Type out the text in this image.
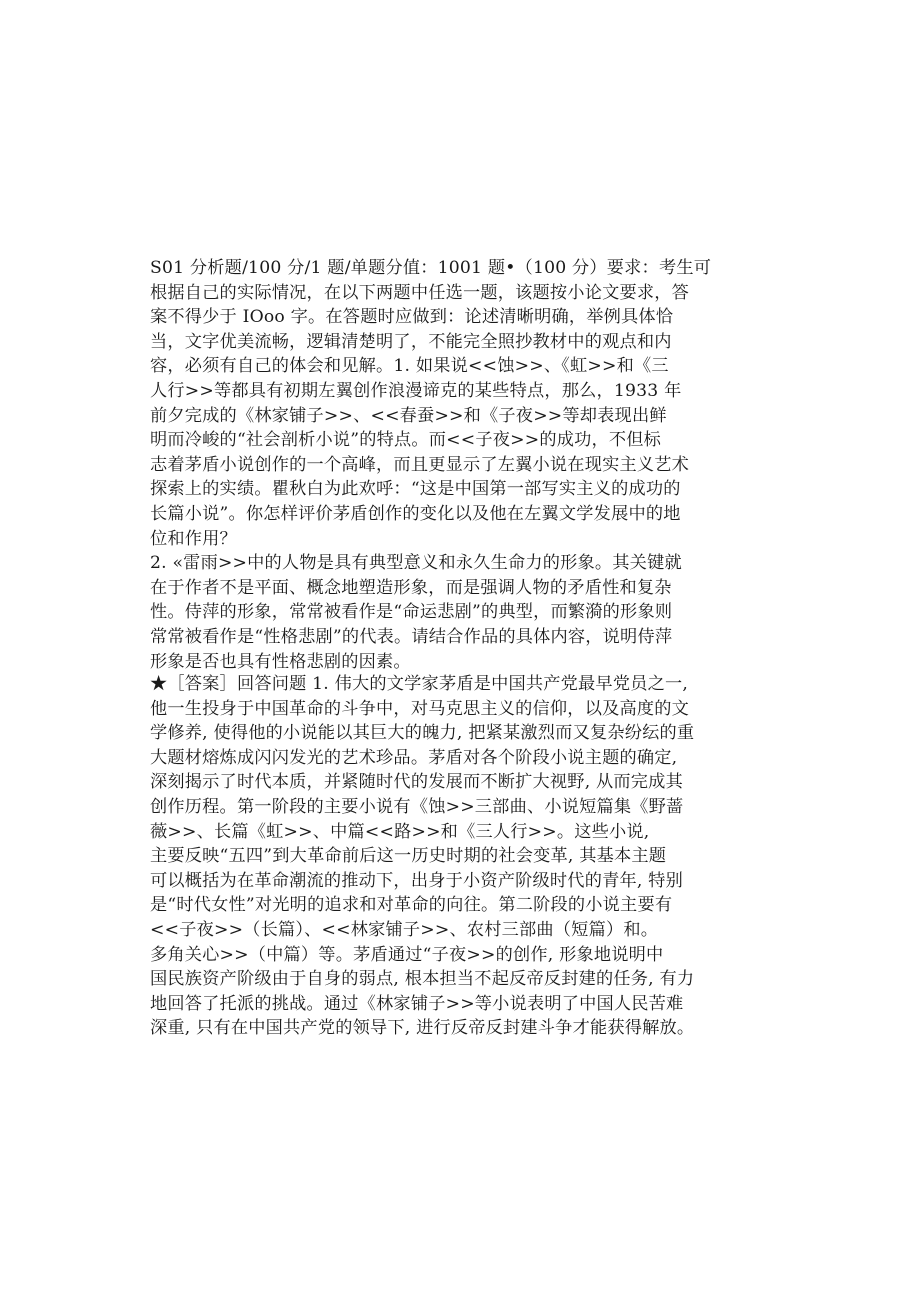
S01 分析题/100 分/1 题/单题分值：1001 题•（100 分）要求：考生可
根据自己的实际情况，在以下两题中任选一题，该题按小论文要求，答
案不得少于 IOoo 字。在答题时应做到：论述清晰明确，举例具体恰
当，文字优美流畅，逻辑清楚明了，不能完全照抄教材中的观点和内
容，必须有自己的体会和见解。1. 如果说<<蚀>>、《虹>>和《三
人行>>等都具有初期左翼创作浪漫谛克的某些特点，那么，1933 年
前夕完成的《林家铺子>>、<<春蚕>>和《子夜>>等却表现出鲜
明而冷峻的“社会剖析小说”的特点。而<<子夜>>的成功，不但标
志着茅盾小说创作的一个高峰，而且更显示了左翼小说在现实主义艺术
探索上的实绩。瞿秋白为此欢呼：“这是中国第一部写实主义的成功的
长篇小说”。你怎样评价茅盾创作的变化以及他在左翼文学发展中的地
位和作用？
2. «雷雨>>中的人物是具有典型意义和永久生命力的形象。其关键就
在于作者不是平面、概念地塑造形象，而是强调人物的矛盾性和复杂
性。侍萍的形象，常常被看作是“命运悲剧”的典型，而繁漪的形象则
常常被看作是“性格悲剧”的代表。请结合作品的具体内容，说明侍萍
形象是否也具有性格悲剧的因素。
★［答案］回答问题 1. 伟大的文学家茅盾是中国共产党最早党员之一,
他一生投身于中国革命的斗争中，对马克思主义的信仰，以及高度的文
学修养, 使得他的小说能以其巨大的魄力, 把紧某激烈而又复杂纷纭的重
大题材熔炼成闪闪发光的艺术珍品。茅盾对各个阶段小说主题的确定,
深刻揭示了时代本质，并紧随时代的发展而不断扩大视野, 从而完成其
创作历程。第一阶段的主要小说有《蚀>>三部曲、小说短篇集《野蔷
薇>>、长篇《虹>>、中篇<<路>>和《三人行>>。这些小说,
主要反映“五四”到大革命前后这一历史时期的社会变革, 其基本主题
可以概括为在革命潮流的推动下，出身于小资产阶级时代的青年, 特别
是“时代女性”对光明的追求和对革命的向往。第二阶段的小说主要有
<<子夜>>（长篇）、<<林家铺子>>、农村三部曲（短篇）和。
多角关心>>（中篇）等。茅盾通过“子夜>>的创作, 形象地说明中
国民族资产阶级由于自身的弱点, 根本担当不起反帝反封建的任务, 有力
地回答了托派的挑战。通过《林家铺子>>等小说表明了中国人民苦难
深重, 只有在中国共产党的领导下, 进行反帝反封建斗争才能获得解放。
